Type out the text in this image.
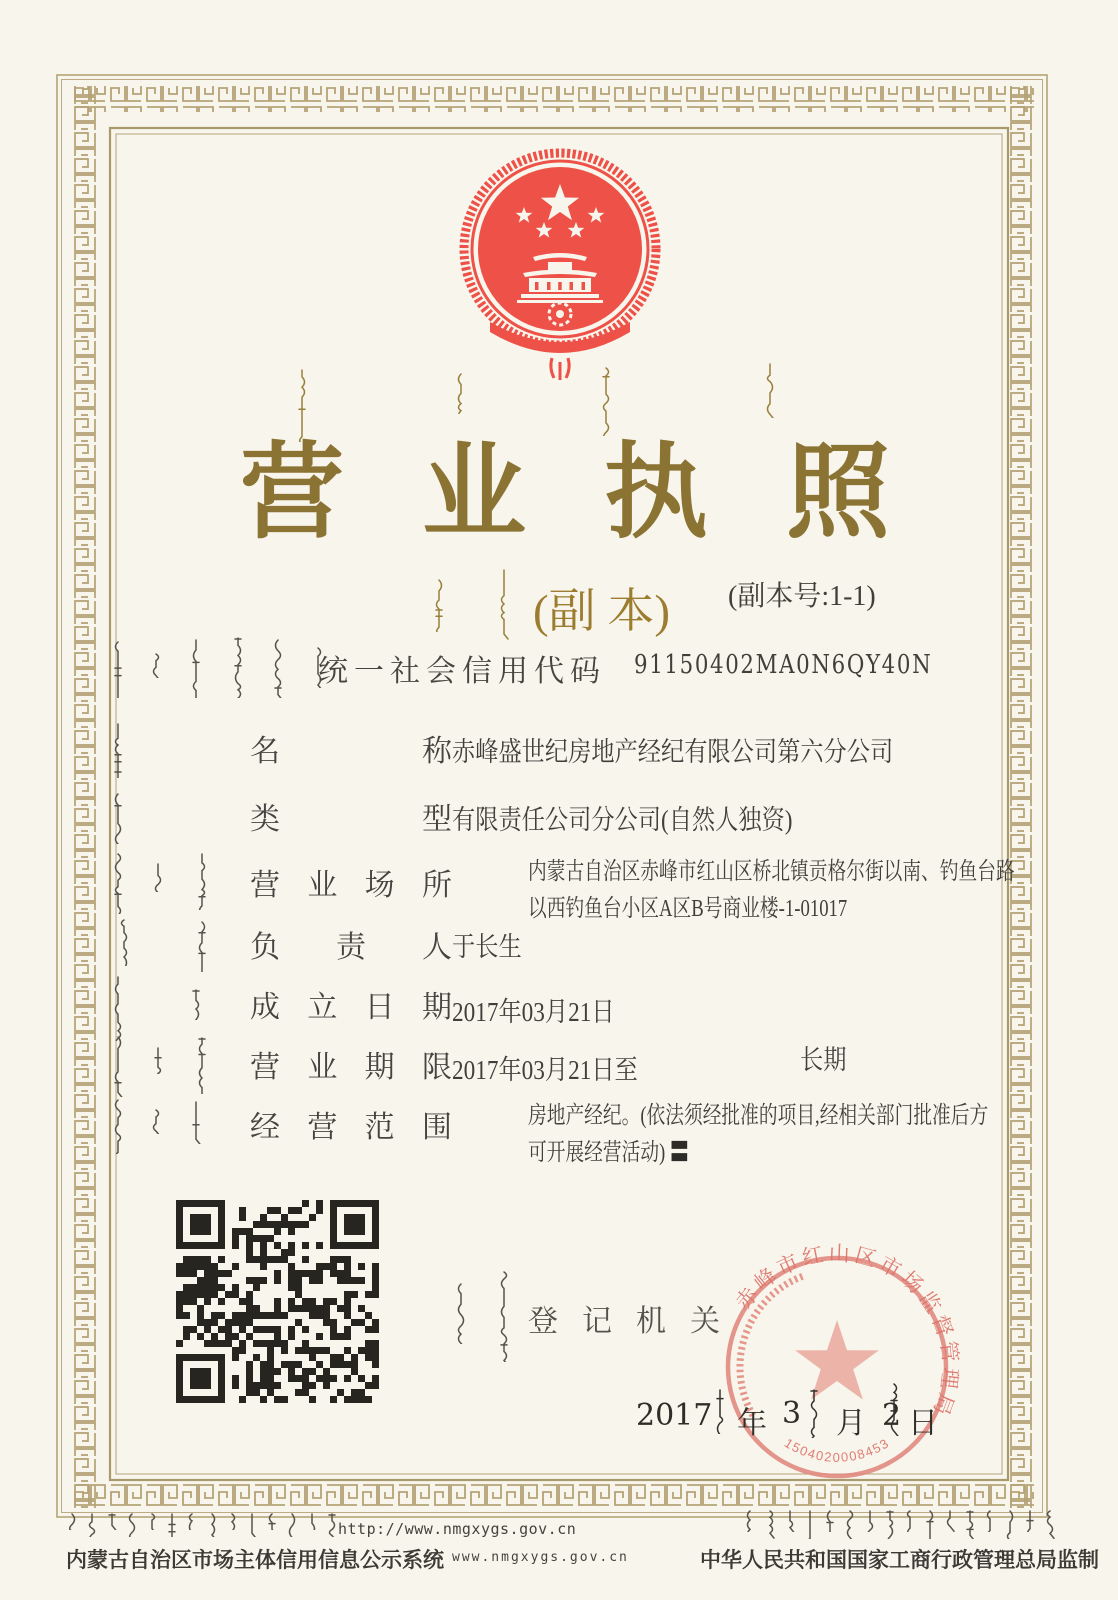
营业执照
(副 本) (副本号:1-1)
统一社会信用代码 91150402MA0N6QY40N
名称 赤峰盛世纪房地产经纪有限公司第六分公司
类型 有限责任公司分公司(自然人独资)
营业场所	内蒙古自治区赤峰市红山区桥北镇贡格尔街以南、钓鱼台路
以西钓鱼台小区A区B号商业楼-1-01017
负责人 于长生
成立日期 2017年03月21日
营业期限 2017年03月21日至	长期
经营范围	房地产经纪。(依法须经批准的项目,经相关部门批准后方
可开展经营活动) 〓
登记机关
赤峰市红山区市场监督管理局
1504020008453
2017 年 3 月 2 日
http://www.nmgxygs.gov.cn
内蒙古自治区市场主体信用信息公示系统 www.nmgxygs.gov.cn	中华人民共和国国家工商行政管理总局监制
